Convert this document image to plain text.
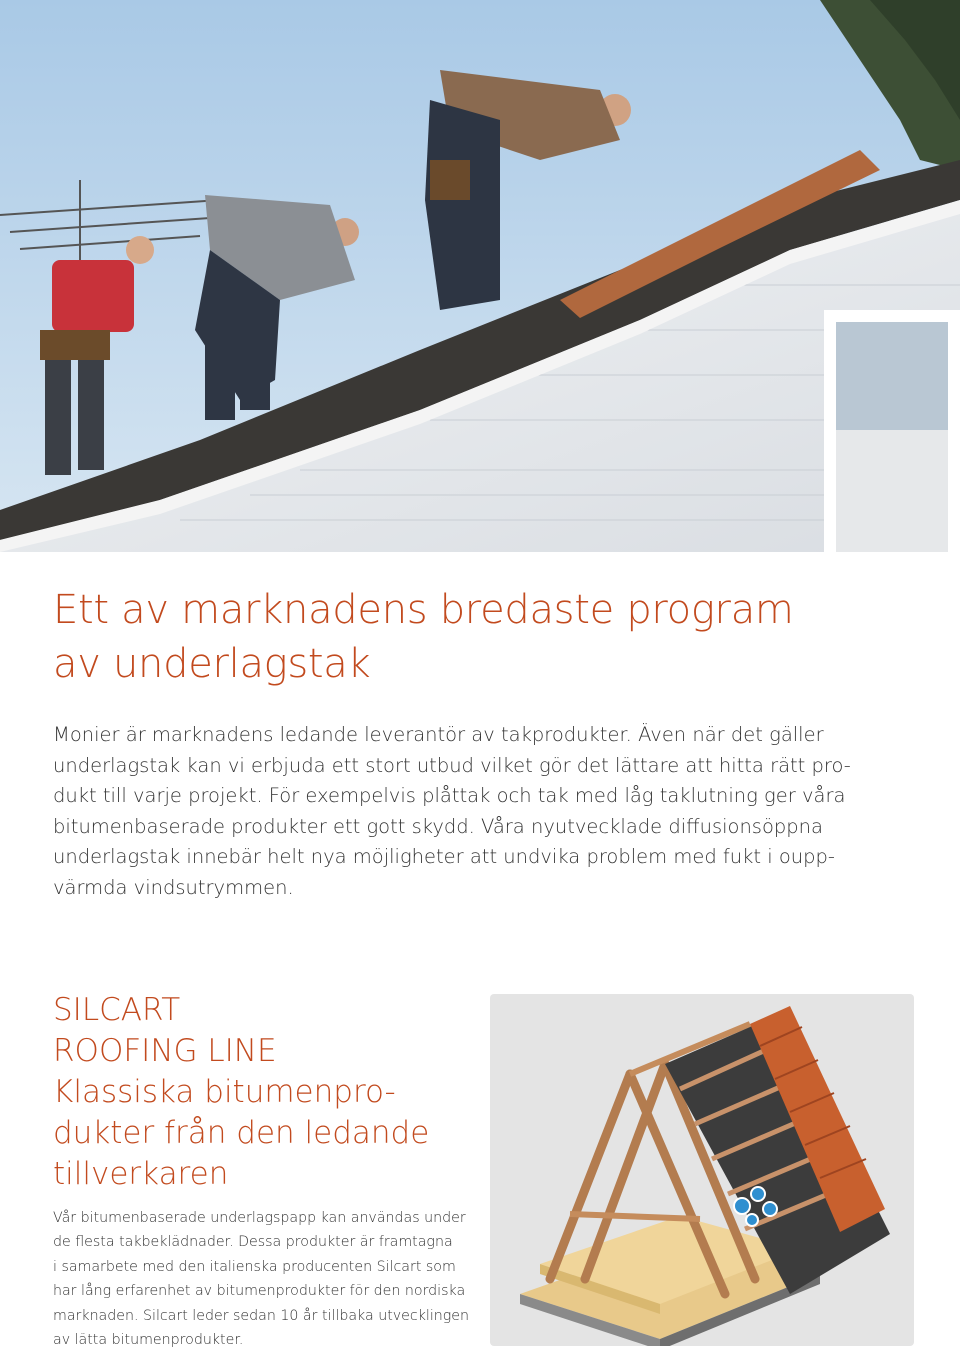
Ett av marknadens bredaste program
av underlagstak

Monier är marknadens ledande leverantör av takprodukter. Även när det gäller
underlagstak kan vi erbjuda ett stort utbud vilket gör det lättare att hitta rätt pro-
dukt till varje projekt. För exempelvis plåttak och tak med låg taklutning ger våra
bitumenbaserade produkter ett gott skydd. Våra nyutvecklade diffusionsöppna
underlagstak innebär helt nya möjligheter att undvika problem med fukt i oupp-
värmda vindsutrymmen.

SILCART
ROOFING LINE
Klassiska bitumenpro-
dukter från den ledande
tillverkaren

Vår bitumenbaserade underlagspapp kan användas under
de flesta takbeklädnader. Dessa produkter är framtagna
i samarbete med den italienska producenten Silcart som
har lång erfarenhet av bitumenprodukter för den nordiska
marknaden. Silcart leder sedan 10 år tillbaka utvecklingen
av lätta bitumenprodukter.
